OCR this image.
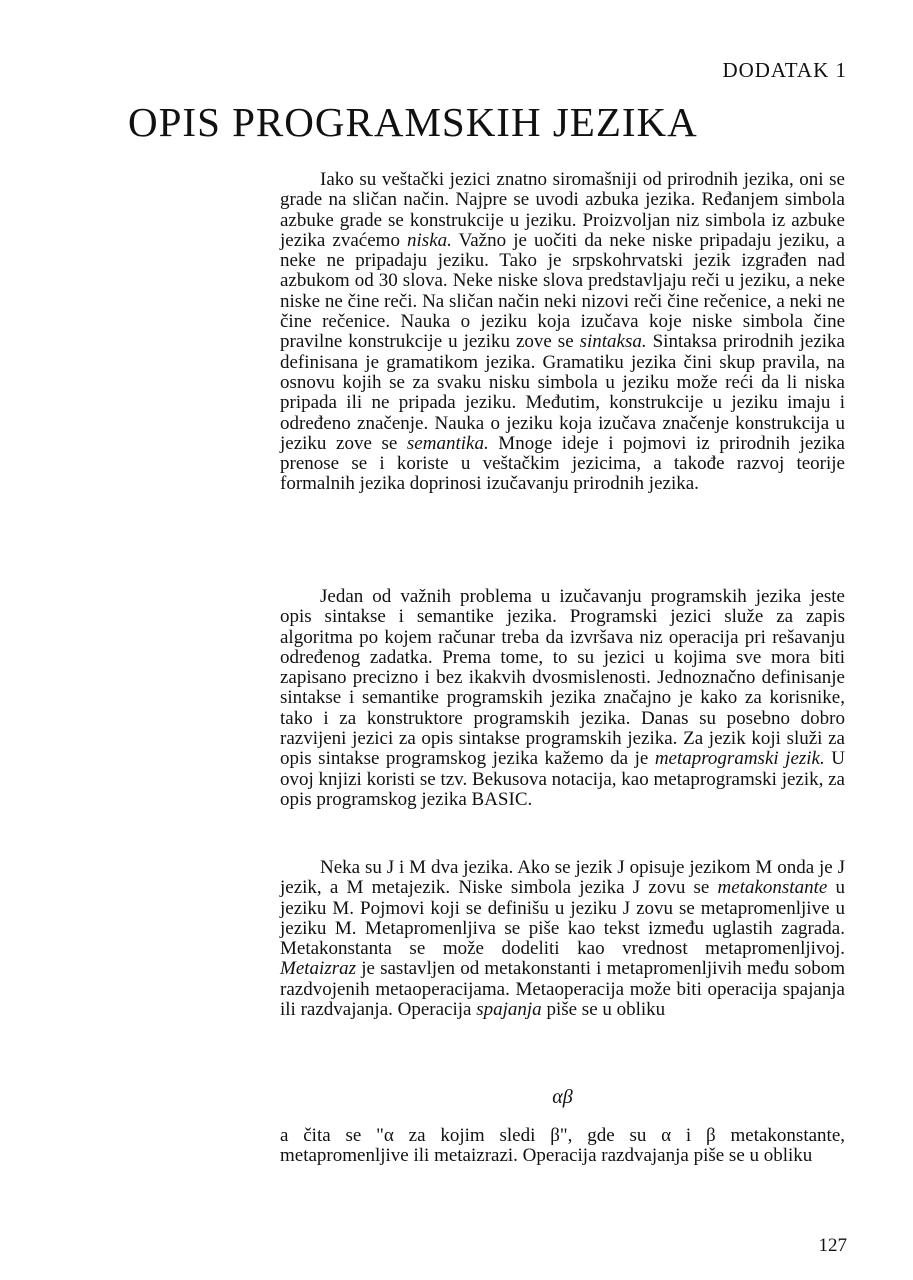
DODATAK 1
OPIS PROGRAMSKIH JEZIKA

Iako su veštački jezici znatno siromašniji od prirodnih jezika, oni se grade na sličan način. Najpre se uvodi azbuka jezika. Ređanjem simbola azbuke grade se konstrukcije u jeziku. Proizvoljan niz simbola iz azbuke jezika zvaćemo niska. Važno je uočiti da neke niske pripadaju jeziku, a neke ne pripadaju jeziku. Tako je srpskohrvatski jezik izgrađen nad azbukom od 30 slova. Neke niske slova predstavljaju reči u jeziku, a neke niske ne čine reči. Na sličan način neki nizovi reči čine rečenice, a neki ne čine rečenice. Nauka o jeziku koja izučava koje niske simbola čine pravilne konstrukcije u jeziku zove se sintaksa. Sintaksa prirodnih jezika definisana je gramatikom jezika. Gramatiku jezika čini skup pravila, na osnovu kojih se za svaku nisku simbola u jeziku može reći da li niska pripada ili ne pripada jeziku. Međutim, konstrukcije u jeziku imaju i određeno značenje. Nauka o jeziku koja izučava značenje konstrukcija u jeziku zove se semantika. Mnoge ideje i pojmovi iz prirodnih jezika prenose se i koriste u veštačkim jezicima, a takođe razvoj teorije formalnih jezika doprinosi izučavanju prirodnih jezika.

Jedan od važnih problema u izučavanju programskih jezika jeste opis sintakse i semantike jezika. Programski jezici služe za zapis algoritma po kojem računar treba da izvršava niz operacija pri rešavanju određenog zadatka. Prema tome, to su jezici u kojima sve mora biti zapisano precizno i bez ikakvih dvosmislenosti. Jednoznačno definisanje sintakse i semantike programskih jezika značajno je kako za korisnike, tako i za konstruktore programskih jezika. Danas su posebno dobro razvijeni jezici za opis sintakse programskih jezika. Za jezik koji služi za opis sintakse programskog jezika kažemo da je metaprogramski jezik. U ovoj knjizi koristi se tzv. Bekusova notacija, kao metaprogramski jezik, za opis programskog jezika BASIC.

Neka su J i M dva jezika. Ako se jezik J opisuje jezikom M onda je J jezik, a M metajezik. Niske simbola jezika J zovu se metakonstante u jeziku M. Pojmovi koji se definišu u jeziku J zovu se metapromenljive u jeziku M. Metapromenljiva se piše kao tekst između uglastih zagrada. Metakonstanta se može dodeliti kao vrednost metapromenljivoj. Metaizraz je sastavljen od metakonstanti i metapromenljivih među sobom razdvojenih metaoperacijama. Metaoperacija može biti operacija spajanja ili razdvajanja. Operacija spajanja piše se u obliku

αβ

a čita se "α za kojim sledi β", gde su α i β metakonstante, metapromenljive ili metaizrazi. Operacija razdvajanja piše se u obliku

127
